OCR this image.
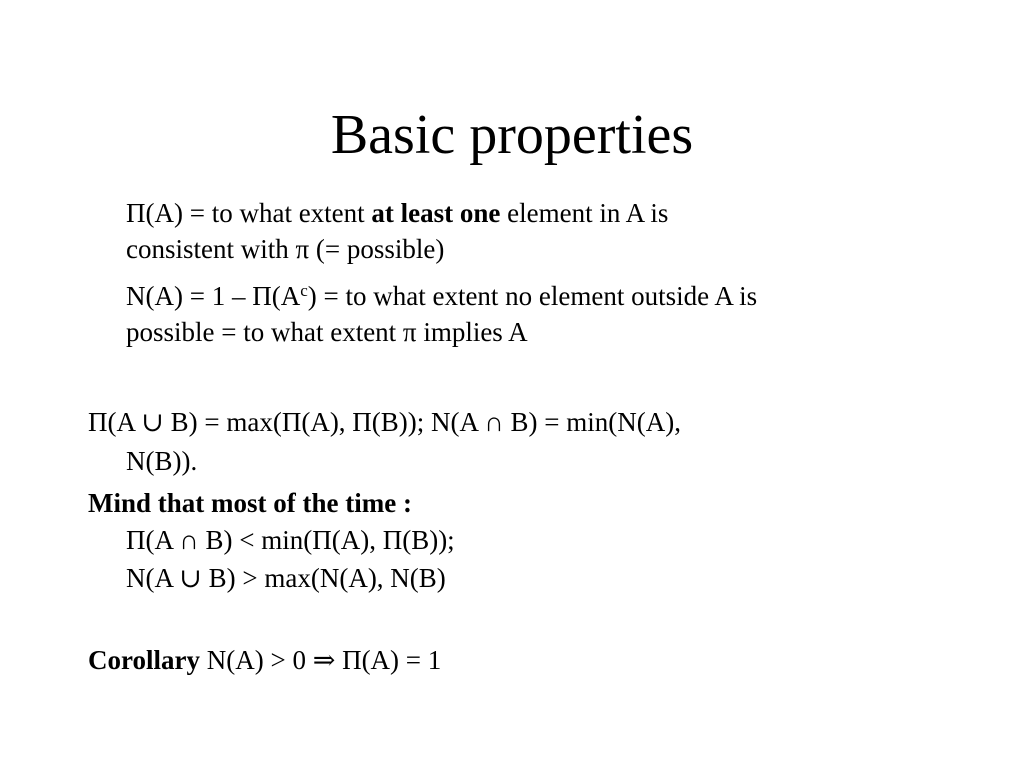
Basic properties
Π(A) = to what extent at least one element in A is
consistent with π (= possible)
$N(A) = 1 - \Pi(A^c)$ = to what extent no element outside A is
possible = to what extent π implies A
Π(A ∪ B) = max(Π(A), Π(B)); N(A ∩ B) = min(N(A),
N(B)).
Mind that most of the time :
Π(A ∩ B) < min(Π(A), Π(B));
N(A ∪ B) > max(N(A), N(B)
Corollary N(A) > 0 ⇒ Π(A) = 1
